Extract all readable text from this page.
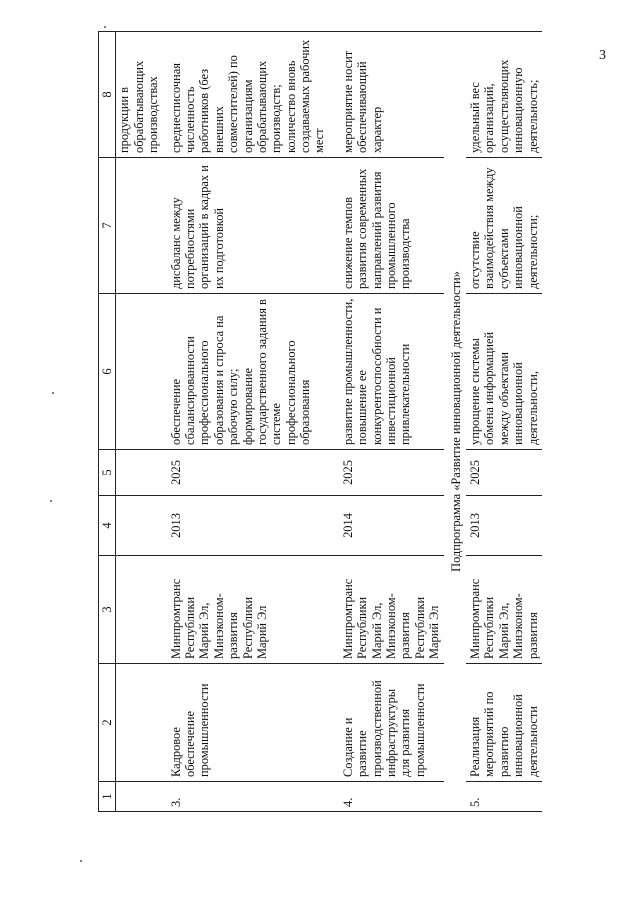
3
1	2	3	4	5	6	7	8
							продукции в обрабатывающих производствах
3.	Кадровое обеспечение промышленности	Минпромтранс Республики Марий Эл, Минэкономразвития Республики Марий Эл	2013	2025	обеспечение сбалансированности профессионального образования и спроса на рабочую силу; формирование государственного задания в системе профессионального образования	дисбаланс между потребностями организаций в кадрах и их подготовкой	среднесписочная численность работников (без внешних совместителей) по организациям обрабатывающих производств; количество вновь создаваемых рабочих мест

4.	Создание и развитие производственной инфраструктуры для развития промышленности	Минпромтранс Республики Марий Эл, Минэкономразвития Республики Марий Эл	2014	2025	развитие промышленности, повышение ее конкурентоспособности и инвестиционной привлекательности	снижение темпов развития современных направлений развития промышленного производства	мероприятие носит обеспечивающий характер
Подпрограмма «Развитие инновационной деятельности»							
5.	Реализация мероприятий по развитию инновационной деятельности	Минпромтранс Республики Марий Эл, Минэкономразвития	2013	2025	упрощение системы обмена информацией между объектами инновационной деятельности,	отсутствие взаимодействия между субъектами инновационной деятельности;	удельный вес организаций, осуществляющих инновационную деятельность;
